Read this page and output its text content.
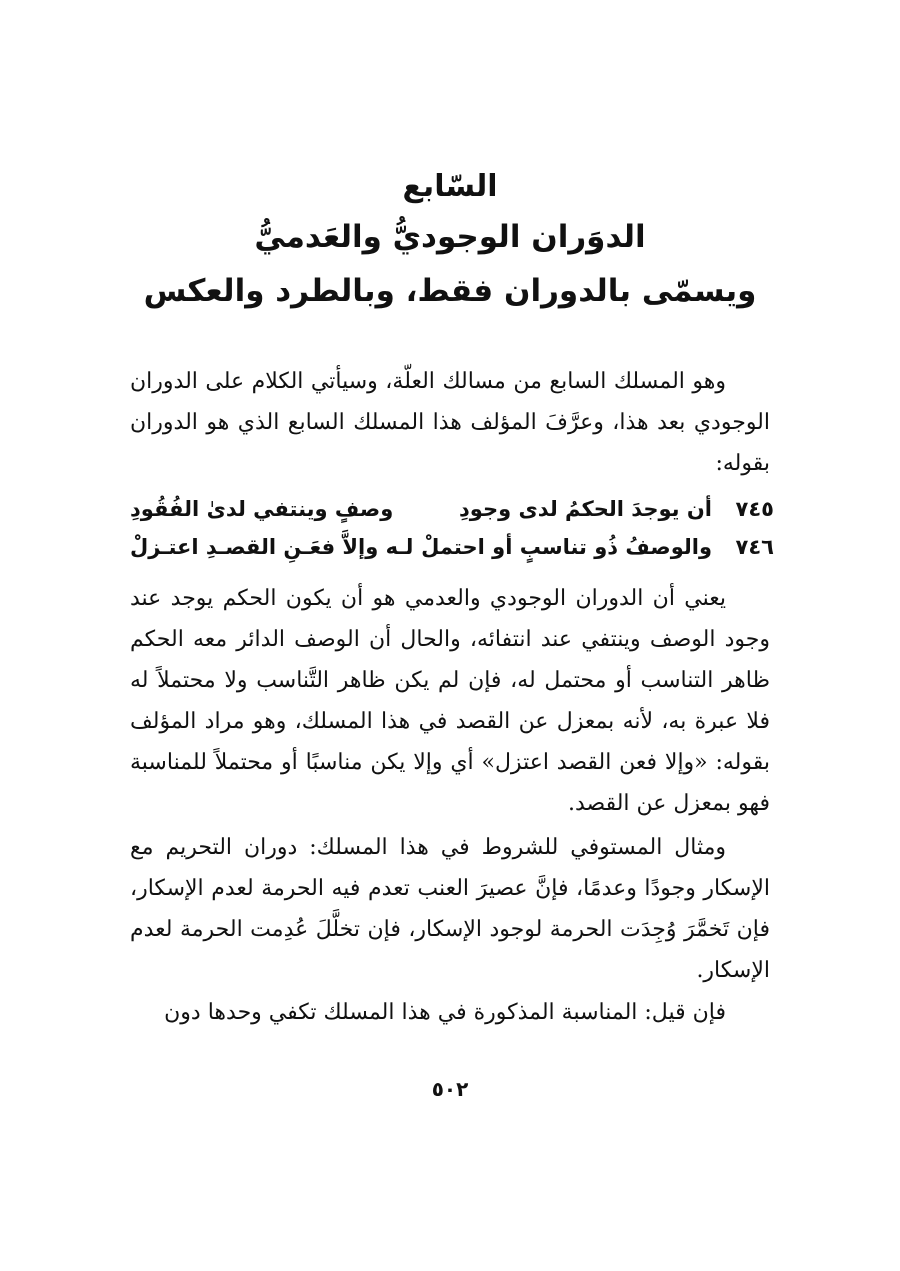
السّابع
الدوَران الوجوديُّ والعَدميُّ
ويسمّى بالدوران فقط، وبالطرد والعكس

وهو المسلك السابع من مسالك العلّة، وسيأتي الكلام على الدوران الوجودي بعد هذا، وعرَّفَ المؤلف هذا المسلك السابع الذي هو الدوران بقوله:

٧٤٥
أن يوجدَ الحكمُ لدى وجودِ
وصفٍ وينتفي لدىٰ الفُقُودِ
٧٤٦
والوصفُ ذُو تناسبٍ أو احتملْ
لـه وإلاَّ فعَـنِ القصـدِ اعتـزلْ

يعني أن الدوران الوجودي والعدمي هو أن يكون الحكم يوجد عند وجود الوصف وينتفي عند انتفائه، والحال أن الوصف الدائر معه الحكم ظاهر التناسب أو محتمل له، فإن لم يكن ظاهر التَّناسب ولا محتملاً له فلا عبرة به، لأنه بمعزل عن القصد في هذا المسلك، وهو مراد المؤلف بقوله: «وإلا فعن القصد اعتزل» أي وإلا يكن مناسبًا أو محتملاً للمناسبة فهو بمعزل عن القصد.

ومثال المستوفي للشروط في هذا المسلك: دوران التحريم مع الإسكار وجودًا وعدمًا، فإنَّ عصيرَ العنب تعدم فيه الحرمة لعدم الإسكار، فإن تَخمَّرَ وُجِدَت الحرمة لوجود الإسكار، فإن تخلَّلَ عُدِمت الحرمة لعدم الإسكار.

فإن قيل: المناسبة المذكورة في هذا المسلك تكفي وحدها دون

٥٠٢
